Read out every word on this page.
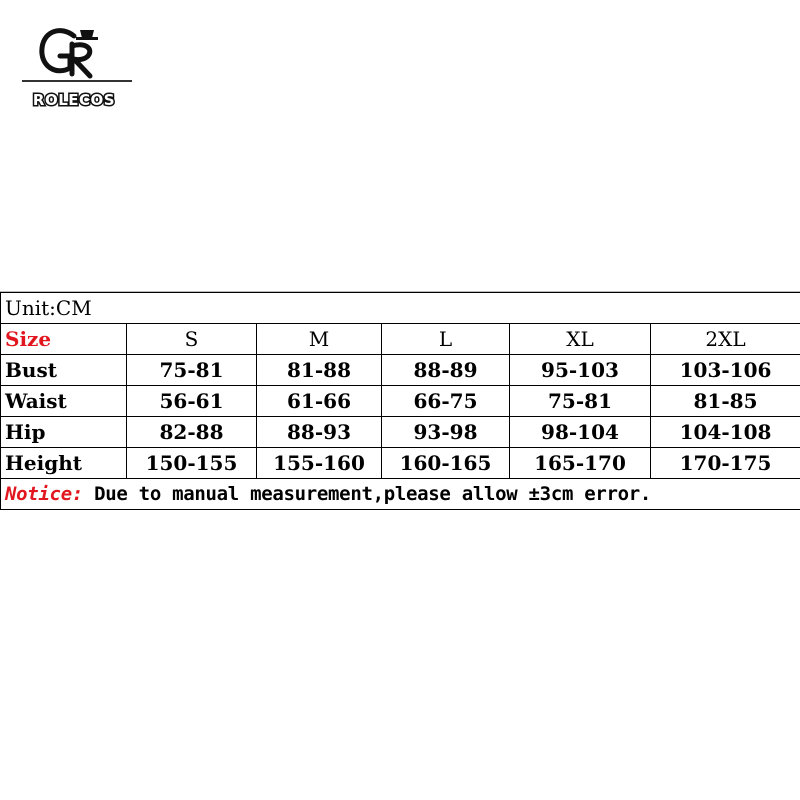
ROLECOS
Unit:CM					
Size	S	M	L	XL	2XL
Bust	75-81	81-88	88-89	95-103	103-106
Waist	56-61	61-66	66-75	75-81	81-85
Hip	82-88	88-93	93-98	98-104	104-108
Height	150-155	155-160	160-165	165-170	170-175
Notice: Due to manual measurement,please allow ±3cm error.					
